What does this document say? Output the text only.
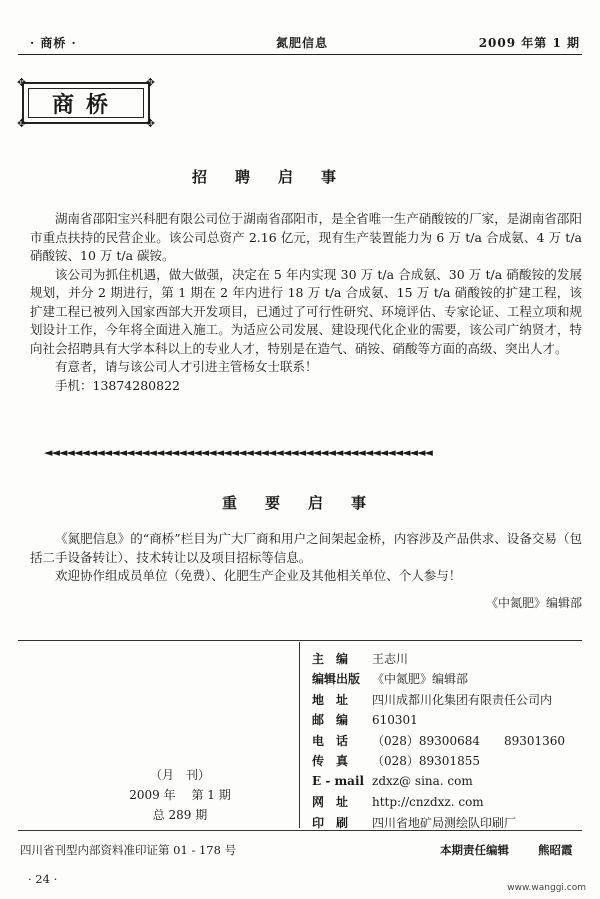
· 商桥 ·	氮肥信息	2009 年第 1 期
✥	✥
✥	✥
商桥
招聘启事

湖南省邵阳宝兴科肥有限公司位于湖南省邵阳市，是全省唯一生产硝酸铵的厂家，是湖南省邵阳市重点扶持的民营企业。该公司总资产 2.16 亿元，现有生产装置能力为 6 万 t/a 合成氨、4 万 t/a 硝酸铵、10 万 t/a 碳铵。

该公司为抓住机遇，做大做强，决定在 5 年内实现 30 万 t/a 合成氨、30 万 t/a 硝酸铵的发展规划，并分 2 期进行，第 1 期在 2 年内进行 18 万 t/a 合成氨、15 万 t/a 硝酸铵的扩建工程，该扩建工程已被列入国家西部大开发项目，已通过了可行性研究、环境评估、专家论证、工程立项和规划设计工作，今年将全面进入施工。为适应公司发展、建设现代化企业的需要，该公司广纳贤才，特向社会招聘具有大学本科以上的专业人才，特别是在造气、硝铵、硝酸等方面的高级、突出人才。

有意者，请与该公司人才引进主管杨女士联系！

手机：13874280822

◄◄◄◄◄◄◄◄◄◄◄◄◄◄◄◄◄◄◄◄◄◄◄◄◄◄◄◄◄◄◄◄◄◄◄◄◄◄◄◄◄◄◄◄◄◄◄◄◄◄◄◄
重要启事

《氮肥信息》的“商桥”栏目为广大厂商和用户之间架起金桥，内容涉及产品供求、设备交易（包括二手设备转让）、技术转让以及项目招标等信息。

欢迎协作组成员单位（免费）、化肥生产企业及其他相关单位、个人参与！

《中氮肥》编辑部
主　编	王志川
编辑出版 《中氮肥》编辑部
地　址	四川成都川化集团有限责任公司内
邮　编	610301
电　话	（028）89300684　　89301360
传　真	（028）89301855
E - mail zdxz@ sina. com
网　址	http://cnzdxz. com
印　刷	四川省地矿局测绘队印刷厂
（月　刊）
2009 年　 第 1 期
总 289 期
四川省刊型内部资料准印证第 01 - 178 号	本期责任编辑	熊昭霞
· 24 ·
www.wanggi.com
